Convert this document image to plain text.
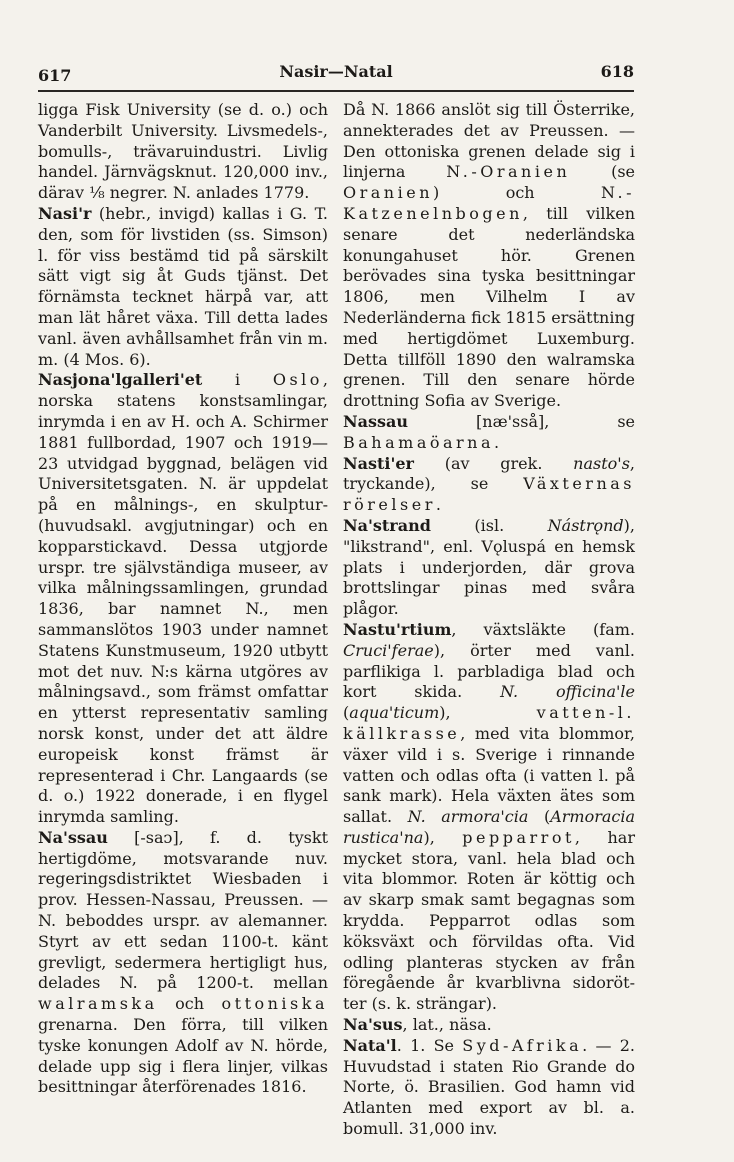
617	Nasir—Natal	618

ligga Fisk University (se d. o.) och Vanderbilt University. Livsmedels-, bomulls-, trävaruindustri. Livlig handel. Järnvägsknut. 120,000 inv., därav ⅛ negrer. N. anlades 1779.

Nasi'r (hebr., invigd) kallas i G. T. den, som för livstiden (ss. Simson) l. för viss bestämd tid på särskilt sätt vigt sig åt Guds tjänst. Det förnämsta tecknet härpå var, att man lät håret växa. Till detta lades vanl. även avhållsamhet från vin m. m. (4 Mos. 6).

Nasjona'lgalleri'et i Oslo, norska statens konstsamlingar, inrymda i en av H. och A. Schirmer 1881 fullbordad, 1907 och 1919—23 utvidgad byggnad, belägen vid Universitetsgaten. N. är uppdelat på en målnings-, en skulptur- (huvudsakl. avgjutningar) och en kopparstickavd. Dessa utgjorde urspr. tre självständiga museer, av vilka målningssamlingen, grundad 1836, bar namnet N., men sammanslötos 1903 under namnet Statens Kunstmuseum, 1920 utbytt mot det nuv. N:s kärna utgöres av målningsavd., som främst omfattar en ytterst representativ samling norsk konst, under det att äldre europeisk konst främst är representerad i Chr. Langaards (se d. o.) 1922 donerade, i en flygel inrymda samling.

Na'ssau [-saᴐ], f. d. tyskt hertigdöme, motsvarande nuv. regeringsdistriktet Wiesbaden i prov. Hessen-Nassau, Preussen. — N. beboddes urspr. av alemanner. Styrt av ett sedan 1100-t. känt grevligt, sedermera hertigligt hus, delades N. på 1200-t. mellan walramska och ottoniska grenarna. Den förra, till vilken tyske konungen Adolf av N. hörde, delade upp sig i flera linjer, vilkas besittningar återförenades 1816.

Då N. 1866 anslöt sig till Österrike, annekterades det av Preussen. — Den ottoniska grenen delade sig i linjerna N.-Oranien (se Oranien) och N.-Katzenelnbogen, till vilken senare det nederländska konungahuset hör. Grenen berövades sina tyska besittningar 1806, men Vilhelm I av Nederländerna fick 1815 ersättning med hertigdömet Luxemburg. Detta tillföll 1890 den walramska grenen. Till den senare hörde drottning Sofia av Sverige.

Nassau [næ'sså], se Bahamaöarna.

Nasti'er (av grek. nasto's, tryckande), se Växternas rörelser.

Na'strand (isl. Nástrǫnd), "likstrand", enl. Vǫluspá en hemsk plats i underjorden, där grova brottslingar pinas med svåra plågor.

Nastu'rtium, växtsläkte (fam. Cruci'ferae), örter med vanl. parflikiga l. parbladiga blad och kort skida. N. officina'le (aqua'ticum), vatten-l. källkrasse, med vita blommor, växer vild i s. Sverige i rinnande vatten och odlas ofta (i vatten l. på sank mark). Hela växten ätes som sallat. N. armora'cia (Armoracia rustica'na), pepparrot, har mycket stora, vanl. hela blad och vita blommor. Roten är köttig och av skarp smak samt begagnas som krydda. Pepparrot odlas som köksväxt och förvildas ofta. Vid odling planteras stycken av från föregående år kvarblivna sidoröt-ter (s. k. strängar).

Na'sus, lat., näsa.

Nata'l. 1. Se Syd-Afrika. — 2. Huvudstad i staten Rio Grande do Norte, ö. Brasilien. God hamn vid Atlanten med export av bl. a. bomull. 31,000 inv.
